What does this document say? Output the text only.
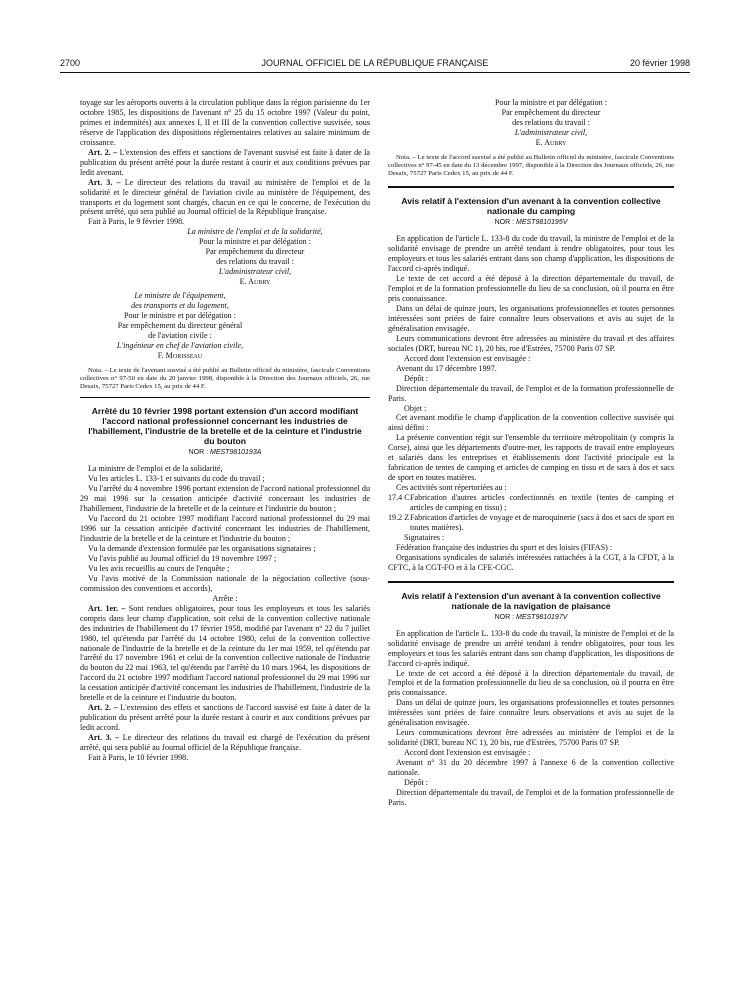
2700	JOURNAL OFFICIEL DE LA RÉPUBLIQUE FRANÇAISE	20 février 1998

toyage sur les aéroports ouverts à la circulation publique dans la région parisienne du 1er octobre 1985, les dispositions de l'avenant n° 25 du 15 octobre 1997 (Valeur du point, primes et indemnités) aux annexes I, II et III de la convention collective susvisée, sous réserve de l'application des dispositions réglementaires relatives au salaire minimum de croissance.

Art. 2. – L'extension des effets et sanctions de l'avenant susvisé est faite à dater de la publication du présent arrêté pour la durée restant à courir et aux conditions prévues par ledit avenant.

Art. 3. – Le directeur des relations du travail au ministère de l'emploi et de la solidarité et le directeur général de l'aviation civile au ministère de l'équipement, des transports et du logement sont chargés, chacun en ce qui le concerne, de l'exécution du présent arrêté, qui sera publié au Journal officiel de la République française.

Fait à Paris, le 9 février 1998.

La ministre de l'emploi et de la solidarité,
Pour la ministre et par délégation :
Par empêchement du directeur
des relations du travail :
L'administrateur civil,
E. Aubry
Le ministre de l'équipement,
des transports et du logement,
Pour le ministre et par délégation :
Par empêchement du directeur général
de l'aviation civile :
L'ingénieur en chef de l'aviation civile,
F. Morisseau

Nota. – Le texte de l'avenant susvisé a été publié au Bulletin officiel du ministère, fascicule Conventions collectives n° 97-50 en date du 20 janvier 1998, disponible à la Direction des Journaux officiels, 26, rue Desaix, 75727 Paris Cedex 15, au prix de 44 F.

Arrêté du 10 février 1998 portant extension d'un accord modifiant l'accord national professionnel concernant les industries de l'habillement, l'industrie de la bretelle et de la ceinture et l'industrie du bouton
NOR : MEST9810193A

La ministre de l'emploi et de la solidarité,

Vu les articles L. 133-1 et suivants du code du travail ;

Vu l'arrêté du 4 novembre 1996 portant extension de l'accord national professionnel du 29 mai 1996 sur la cessation anticipée d'activité concernant les industries de l'habillement, l'industrie de la bretelle et de la ceinture et l'industrie du bouton ;

Vu l'accord du 21 octobre 1997 modifiant l'accord national professionnel du 29 mai 1996 sur la cessation anticipée d'activité concernant les industries de l'habillement, l'industrie de la bretelle et de la ceinture et l'industrie du bouton ;

Vu la demande d'extension formulée par les organisations signataires ;

Vu l'avis publié au Journal officiel du 19 novembre 1997 ;

Vu les avis recueillis au cours de l'enquête ;

Vu l'avis motivé de la Commission nationale de la négociation collective (sous-commission des conventions et accords),

Arrête :

Art. 1er. – Sont rendues obligatoires, pour tous les employeurs et tous les salariés compris dans leur champ d'application, soit celui de la convention collective nationale des industries de l'habillement du 17 février 1958, modifié par l'avenant n° 22 du 7 juillet 1980, tel qu'étendu par l'arrêté du 14 octobre 1980, celui de la convention collective nationale de l'industrie de la bretelle et de la ceinture du 1er mai 1959, tel qu'étendu par l'arrêté du 17 novembre 1961 et celui de la convention collective nationale de l'industrie du bouton du 22 mai 1963, tel qu'étendu par l'arrêté du 10 mars 1964, les dispositions de l'accord du 21 octobre 1997 modifiant l'accord national professionnel du 29 mai 1996 sur la cessation anticipée d'activité concernant les industries de l'habillement, l'industrie de la bretelle et de la ceinture et l'industrie du bouton.

Art. 2. – L'extension des effets et sanctions de l'accord susvisé est faite à dater de la publication du présent arrêté pour la durée restant à courir et aux conditions prévues par ledit accord.

Art. 3. – Le directeur des relations du travail est chargé de l'exécution du présent arrêté, qui sera publié au Journal officiel de la République française.

Fait à Paris, le 10 février 1998.

Pour la ministre et par délégation :
Par empêchement du directeur
des relations du travail :
L'administrateur civil,
E. Aubry

Nota. – Le texte de l'accord susvisé a été publié au Bulletin officiel du ministère, fascicule Conventions collectives n° 97-45 en date du 13 décembre 1997, disponible à la Direction des Journaux officiels, 26, rue Desaix, 75727 Paris Cedex 15, au prix de 44 F.

Avis relatif à l'extension d'un avenant à la convention collective nationale du camping
NOR : MEST9810195V

En application de l'article L. 133-8 du code du travail, la ministre de l'emploi et de la solidarité envisage de prendre un arrêté tendant à rendre obligatoires, pour tous les employeurs et tous les salariés entrant dans son champ d'application, les dispositions de l'accord ci-après indiqué.

Le texte de cet accord a été déposé à la direction départementale du travail, de l'emploi et de la formation professionnelle du lieu de sa conclusion, où il pourra en être pris connaissance.

Dans un délai de quinze jours, les organisations professionnelles et toutes personnes intéressées sont priées de faire connaître leurs observations et avis au sujet de la généralisation envisagée.

Leurs communications devront être adressées au ministère du travail et des affaires sociales (DRT, bureau NC 1), 20 bis, rue d'Estrées, 75700 Paris 07 SP.

Accord dont l'extension est envisagée :

Avenant du 17 décembre 1997.

Dépôt :

Direction départementale du travail, de l'emploi et de la formation professionnelle de Paris.

Objet :

Cet avenant modifie le champ d'application de la convention collective susvisée qui ainsi défini :

La présente convention régit sur l'ensemble du territoire métropolitain (y compris la Corse), ainsi que les départements d'outre-mer, les rapports de travail entre employeurs et salariés dans les entreprises et établissements dont l'activité principale est la fabrication de tentes de camping et articles de camping en tissu et de sacs à dos et sacs de sport en toutes matières.

Ces activités sont répertoriées au :

17.4 C Fabrication d'autres articles confectionnés en textile (tentes de camping et articles de camping en tissu) ;
19.2 Z Fabrication d'articles de voyage et de maroquinerie (sacs à dos et sacs de sport en toutes matières).

Signataires :

Fédération française des industries du sport et des loisirs (FIFAS) :

Organisations syndicales de salariés intéressées rattachées à la CGT, à la CFDT, à la CFTC, à la CGT-FO et à la CFE-CGC.

Avis relatif à l'extension d'un avenant à la convention collective nationale de la navigation de plaisance
NOR : MEST9810197V

En application de l'article L. 133-8 du code du travail, la ministre de l'emploi et de la solidarité envisage de prendre un arrêté tendant à rendre obligatoires, pour tous les employeurs et tous les salariés entrant dans son champ d'application, les dispositions de l'accord ci-après indiqué.

Le texte de cet accord a été déposé à la direction départementale du travail, de l'emploi et de la formation professionnelle du lieu de sa conclusion, où il pourra en être pris connaissance.

Dans un délai de quinze jours, les organisations professionnelles et toutes personnes intéressées sont priées de faire connaître leurs observations et avis au sujet de la généralisation envisagée.

Leurs communications devront être adressées au ministère de l'emploi et de la solidarité (DRT, bureau NC 1), 20 bis, rue d'Estrées, 75700 Paris 07 SP.

Accord dont l'extension est envisagée :

Avenant n° 31 du 20 décembre 1997 à l'annexe 6 de la convention collective nationale.

Dépôt :

Direction départementale du travail, de l'emploi et de la formation professionnelle de Paris.
